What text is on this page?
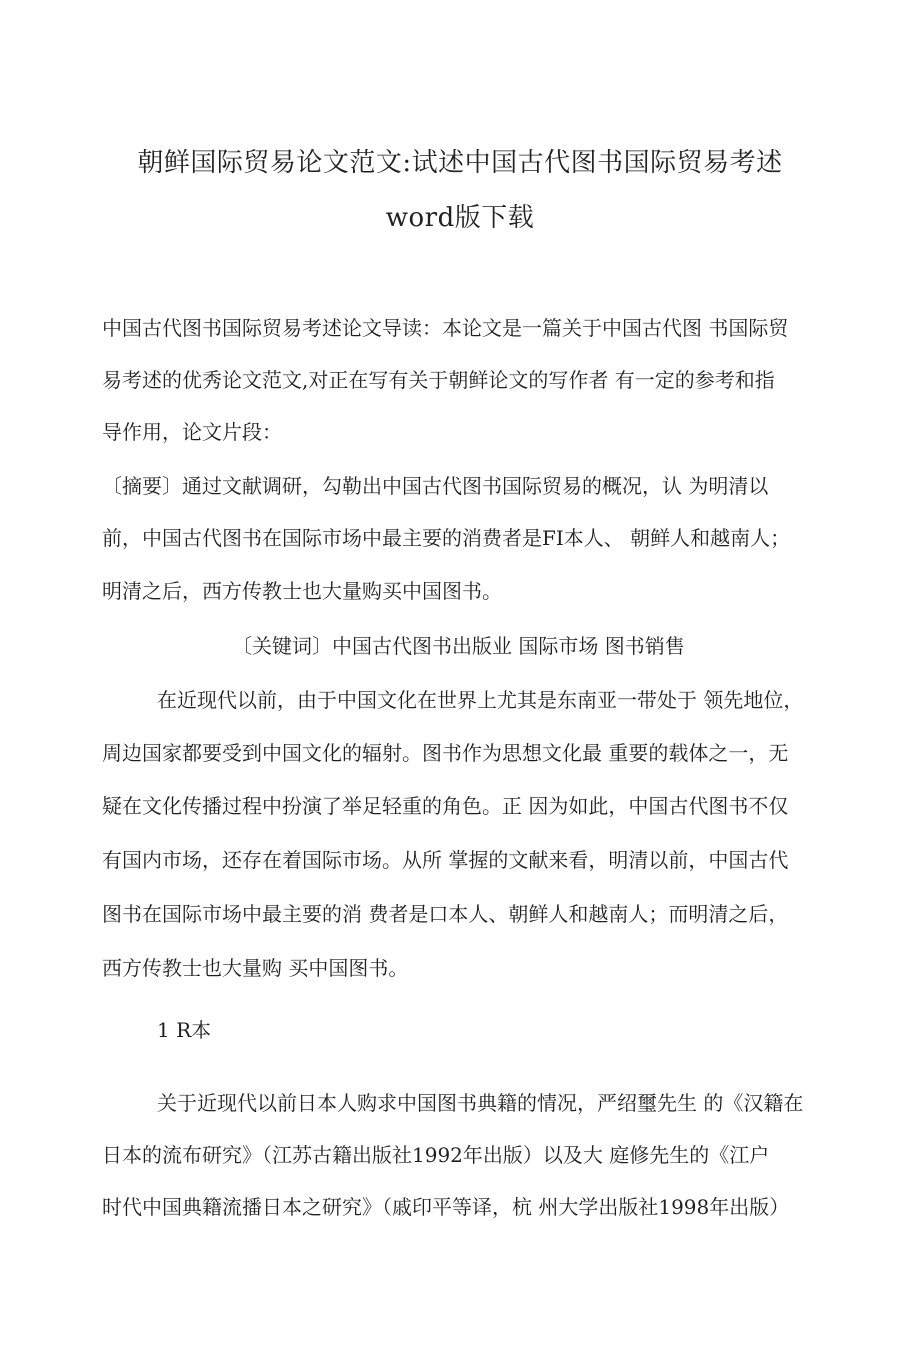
朝鲜国际贸易论文范文:试述中国古代图书国际贸易考述
word版下载
中国古代图书国际贸易考述论文导读：本论文是一篇关于中国古代图 书国际贸
易考述的优秀论文范文,对正在写有关于朝鲜论文的写作者 有一定的参考和指
导作用，论文片段：
〔摘要〕通过文献调研，勾勒出中国古代图书国际贸易的概况，认 为明清以
前，中国古代图书在国际市场中最主要的消费者是FI本人、 朝鲜人和越南人；
明清之后，西方传教士也大量购买中国图书。
〔关键词〕中国古代图书出版业 国际市场 图书销售
在近现代以前，由于中国文化在世界上尤其是东南亚一带处于 领先地位，
周边国家都要受到中国文化的辐射。图书作为思想文化最 重要的载体之一，无
疑在文化传播过程中扮演了举足轻重的角色。正 因为如此，中国古代图书不仅
有国内市场，还存在着国际市场。从所 掌握的文献来看，明清以前，中国古代
图书在国际市场中最主要的消 费者是口本人、朝鲜人和越南人；而明清之后，
西方传教士也大量购 买中国图书。
1 R本
关于近现代以前日本人购求中国图书典籍的情况，严绍璽先生 的《汉籍在
日本的流布研究》（江苏古籍出版社1992年出版）以及大 庭修先生的《江户
时代中国典籍流播日本之研究》（戚印平等译，杭 州大学出版社1998年出版）
